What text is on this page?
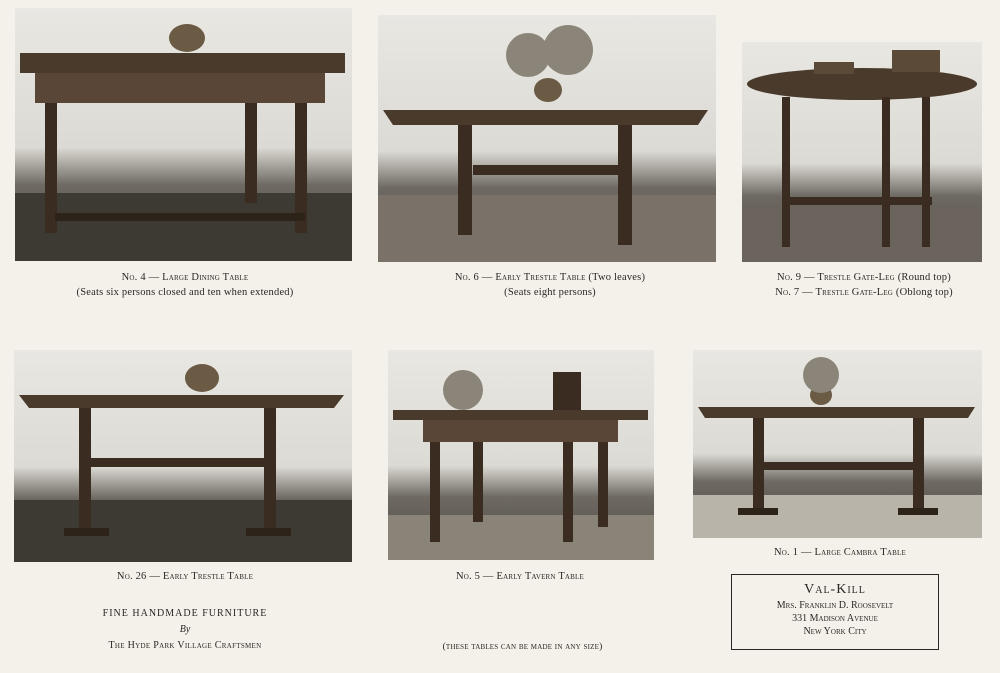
No. 4 — Large Dining Table
(Seats six persons closed and ten when extended)
No. 6 — Early Trestle Table (Two leaves)
(Seats eight persons)
No. 9 — Trestle Gate-Leg (Round top)
No. 7 — Trestle Gate-Leg (Oblong top)
No. 26 — Early Trestle Table	No. 5 — Early Tavern Table
No. 1 — Large Cambra Table
FINE HANDMADE FURNITURE
By
The Hyde Park Village Craftsmen	(these tables can be made in any size)
Val-Kill
Mrs. Franklin D. Roosevelt
331 Madison Avenue
New York City
